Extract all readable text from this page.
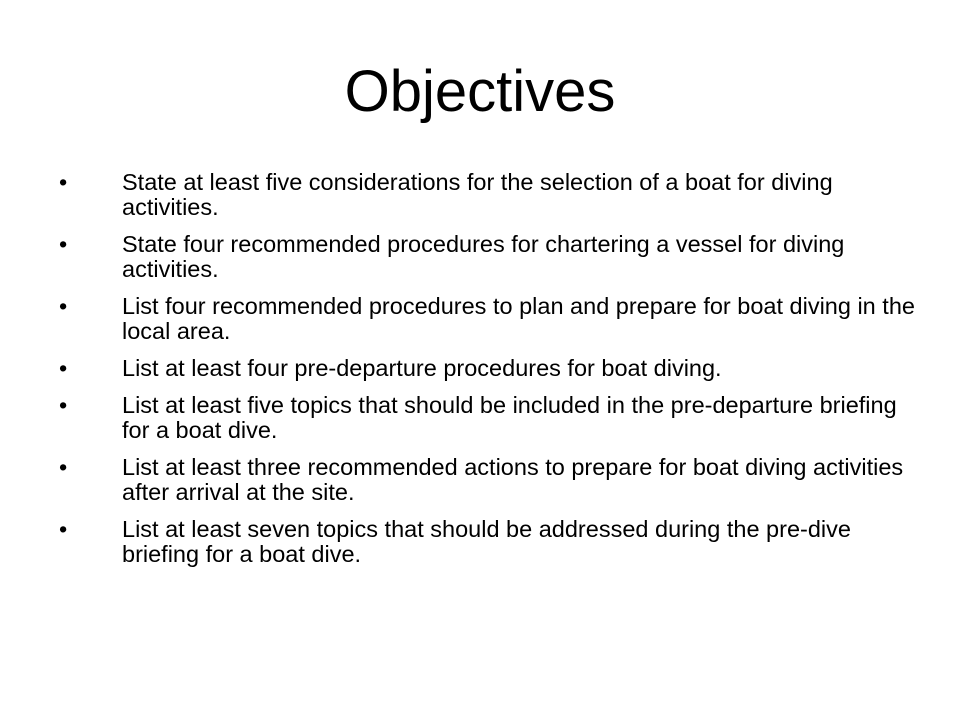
Objectives
•	State at least five considerations for the selection of a boat for diving activities.
•	State four recommended procedures for chartering a vessel for diving activities.
•	List four recommended procedures to plan and prepare for boat diving in the local area.
•	List at least four pre-departure procedures for boat diving.
•	List at least five topics that should be included in the pre-departure briefing for a boat dive.
•	List at least three recommended actions to prepare for boat diving activities after arrival at the site.
•	List at least seven topics that should be addressed during the pre-dive briefing for a boat dive.
